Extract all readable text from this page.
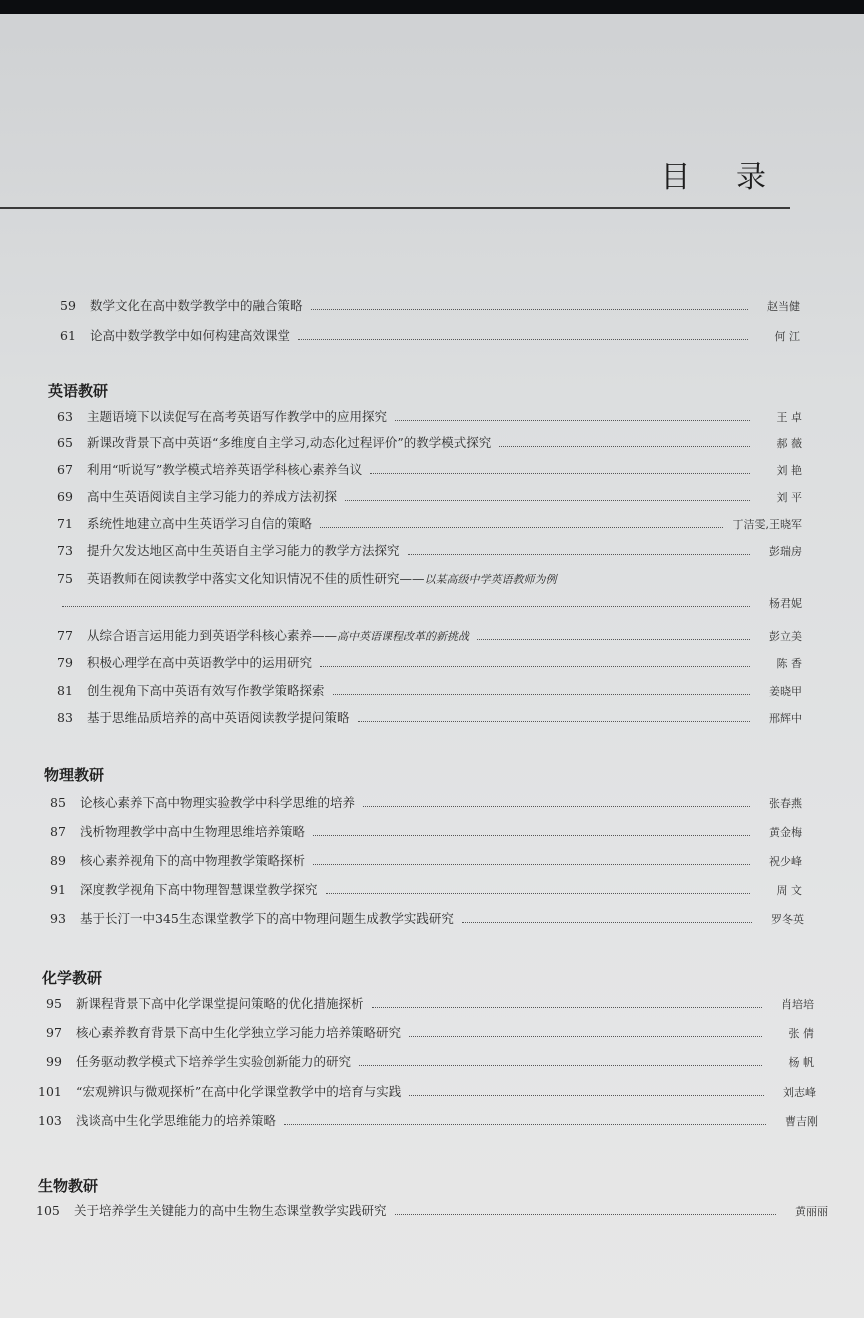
目 录
59	数学文化在高中数学教学中的融合策略	赵当健
61	论高中数学教学中如何构建高效课堂	何 江
英语教研
63	主题语境下以读促写在高考英语写作教学中的应用探究	王 卓
65	新课改背景下高中英语“多维度自主学习,动态化过程评价”的教学模式探究	郝 薇
67	利用“听说写”教学模式培养英语学科核心素养刍议	刘 艳
69	高中生英语阅读自主学习能力的养成方法初探	刘 平
71	系统性地建立高中生英语学习自信的策略	丁洁雯,王晓军
73	提升欠发达地区高中生英语自主学习能力的教学方法探究	彭瑞房
75	英语教师在阅读教学中落实文化知识情况不佳的质性研究—— 以某高级中学英语教师为例
杨君妮
77	从综合语言运用能力到英语学科核心素养—— 高中英语课程改革的新挑战	彭立美
79	积极心理学在高中英语教学中的运用研究	陈 香
81	创生视角下高中英语有效写作教学策略探索	姜晓甲
83	基于思维品质培养的高中英语阅读教学提问策略	邢辉中
物理教研
85	论核心素养下高中物理实验教学中科学思维的培养	张春燕
87	浅析物理教学中高中生物理思维培养策略	黄金梅
89	核心素养视角下的高中物理教学策略探析	祝少峰
91	深度教学视角下高中物理智慧课堂教学探究	周 文
93	基于长汀一中345生态课堂教学下的高中物理问题生成教学实践研究	罗冬英
化学教研
95	新课程背景下高中化学课堂提问策略的优化措施探析	肖培培
97	核心素养教育背景下高中生化学独立学习能力培养策略研究	张 倩
99	任务驱动教学模式下培养学生实验创新能力的研究	杨 帆
101	“宏观辨识与微观探析”在高中化学课堂教学中的培育与实践	刘志峰
103	浅谈高中生化学思维能力的培养策略	曹吉刚
生物教研
105	关于培养学生关键能力的高中生物生态课堂教学实践研究	黄丽丽
